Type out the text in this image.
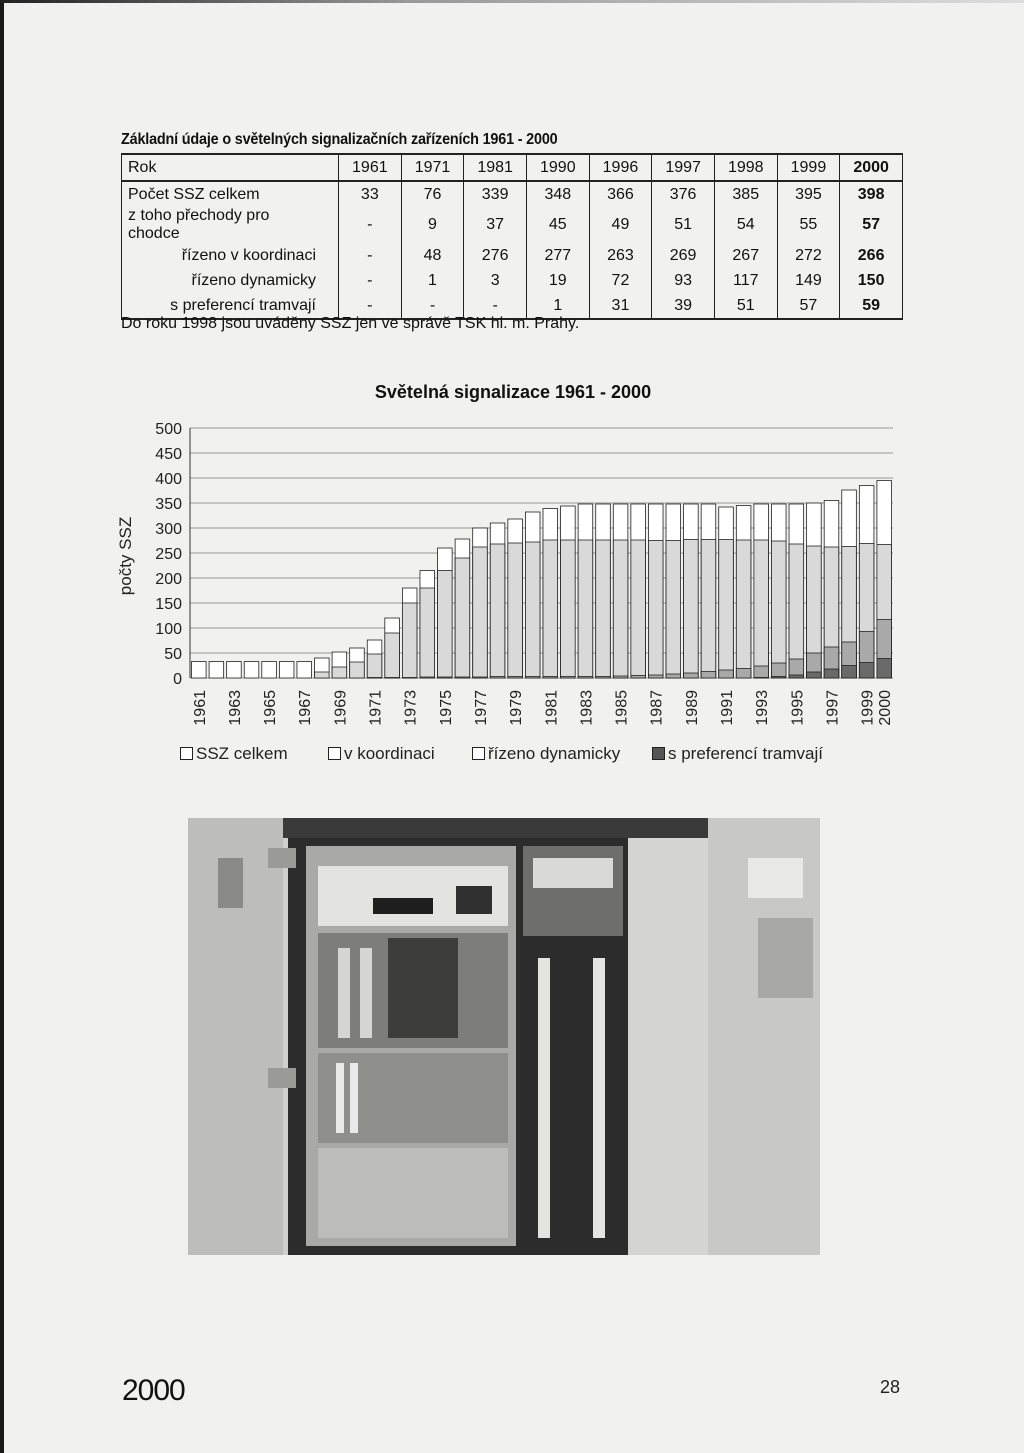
Základní údaje o světelných signalizačních zařízeních 1961 - 2000
Rok	1961	1971	1981	1990	1996	1997	1998	1999	2000
Počet SSZ celkem	33	76	339	348	366	376	385	395	398
z toho přechody pro chodce	-	9	37	45	49	51	54	55	57
řízeno v koordinaci	-	48	276	277	263	269	267	272	266
řízeno dynamicky	-	1	3	19	72	93	117	149	150
s preferencí tramvají	-	-	-	1	31	39	51	57	59
Do roku 1998 jsou uváděny SSZ jen ve správě TSK hl. m. Prahy.
Světelná signalizace 1961 - 2000
počty SSZ
0
50
100
150
200
250
300
350
400
450
500
1961 1963 1965 1967 1969 1971 1973 1975 1977 1979 1981 1983 1985 1987 1989 1991 1993 1995 1997 1999 2000
SSZ celkem	v koordinaci	řízeno dynamicky	s preferencí tramvají
2000	28
